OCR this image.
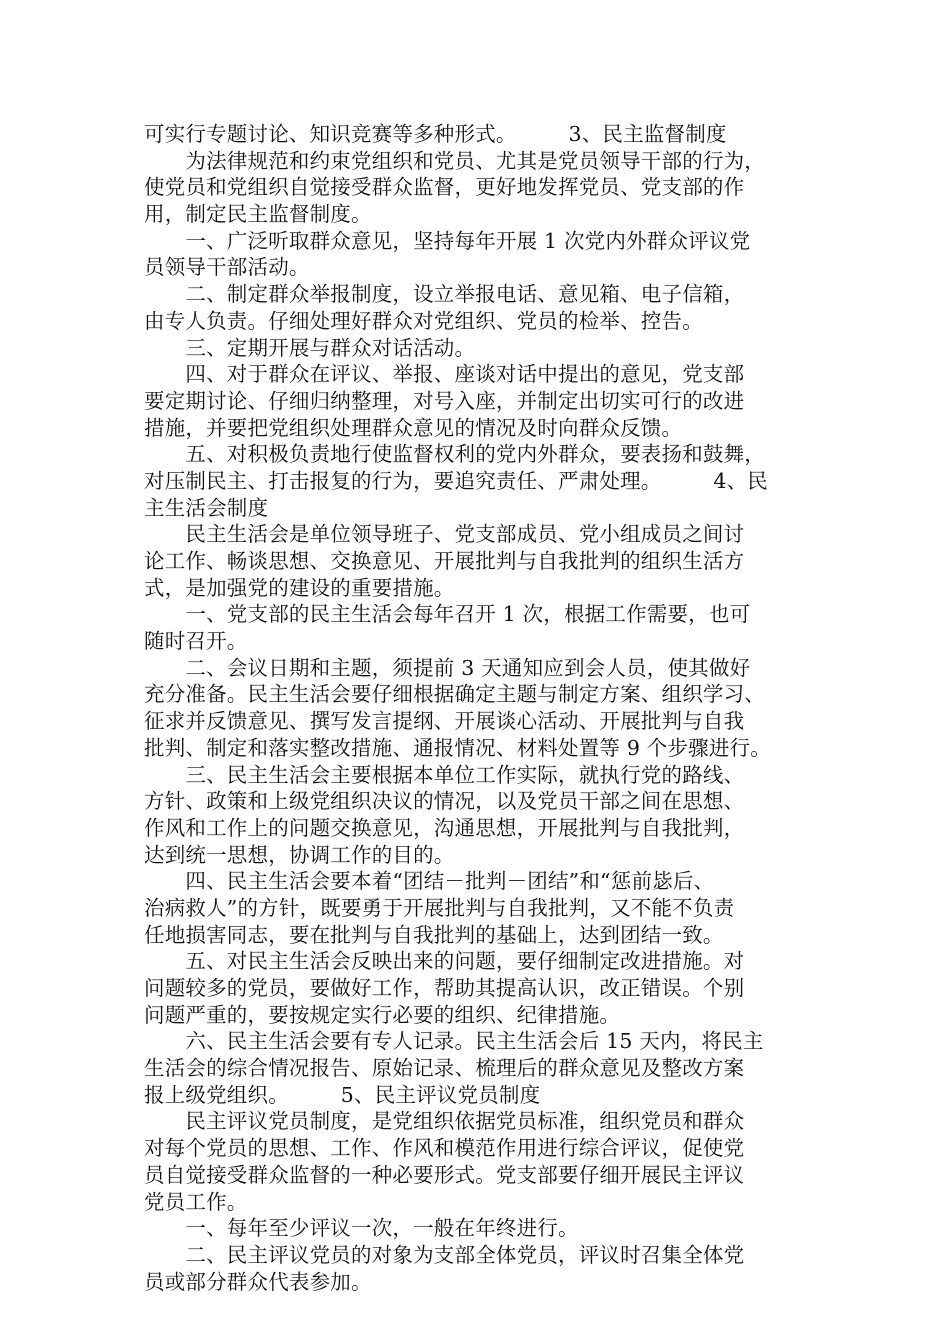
可实行专题讨论、知识竞赛等多种形式。　　　3、民主监督制度
　　为法律规范和约束党组织和党员、尤其是党员领导干部的行为，
使党员和党组织自觉接受群众监督，更好地发挥党员、党支部的作
用，制定民主监督制度。
　　一、广泛听取群众意见，坚持每年开展 1 次党内外群众评议党
员领导干部活动。
　　二、制定群众举报制度，设立举报电话、意见箱、电子信箱，
由专人负责。仔细处理好群众对党组织、党员的检举、控告。
　　三、定期开展与群众对话活动。
　　四、对于群众在评议、举报、座谈对话中提出的意见，党支部
要定期讨论、仔细归纳整理，对号入座，并制定出切实可行的改进
措施，并要把党组织处理群众意见的情况及时向群众反馈。
　　五、对积极负责地行使监督权利的党内外群众，要表扬和鼓舞，
对压制民主、打击报复的行为，要追究责任、严肃处理。　　　4、民
主生活会制度
　　民主生活会是单位领导班子、党支部成员、党小组成员之间讨
论工作、畅谈思想、交换意见、开展批判与自我批判的组织生活方
式，是加强党的建设的重要措施。
　　一、党支部的民主生活会每年召开 1 次，根据工作需要，也可
随时召开。
　　二、会议日期和主题，须提前 3 天通知应到会人员，使其做好
充分准备。民主生活会要仔细根据确定主题与制定方案、组织学习、
征求并反馈意见、撰写发言提纲、开展谈心活动、开展批判与自我
批判、制定和落实整改措施、通报情况、材料处置等 9 个步骤进行。
　　三、民主生活会主要根据本单位工作实际，就执行党的路线、
方针、政策和上级党组织决议的情况，以及党员干部之间在思想、
作风和工作上的问题交换意见，沟通思想，开展批判与自我批判，
达到统一思想，协调工作的目的。
　　四、民主生活会要本着“团结－批判－团结”和“惩前毖后、
治病救人”的方针，既要勇于开展批判与自我批判，又不能不负责
任地损害同志，要在批判与自我批判的基础上，达到团结一致。
　　五、对民主生活会反映出来的问题，要仔细制定改进措施。对
问题较多的党员，要做好工作，帮助其提高认识，改正错误。个别
问题严重的，要按规定实行必要的组织、纪律措施。
　　六、民主生活会要有专人记录。民主生活会后 15 天内，将民主
生活会的综合情况报告、原始记录、梳理后的群众意见及整改方案
报上级党组织。　　　5、民主评议党员制度
　　民主评议党员制度，是党组织依据党员标准，组织党员和群众
对每个党员的思想、工作、作风和模范作用进行综合评议，促使党
员自觉接受群众监督的一种必要形式。党支部要仔细开展民主评议
党员工作。
　　一、每年至少评议一次，一般在年终进行。
　　二、民主评议党员的对象为支部全体党员，评议时召集全体党
员或部分群众代表参加。
